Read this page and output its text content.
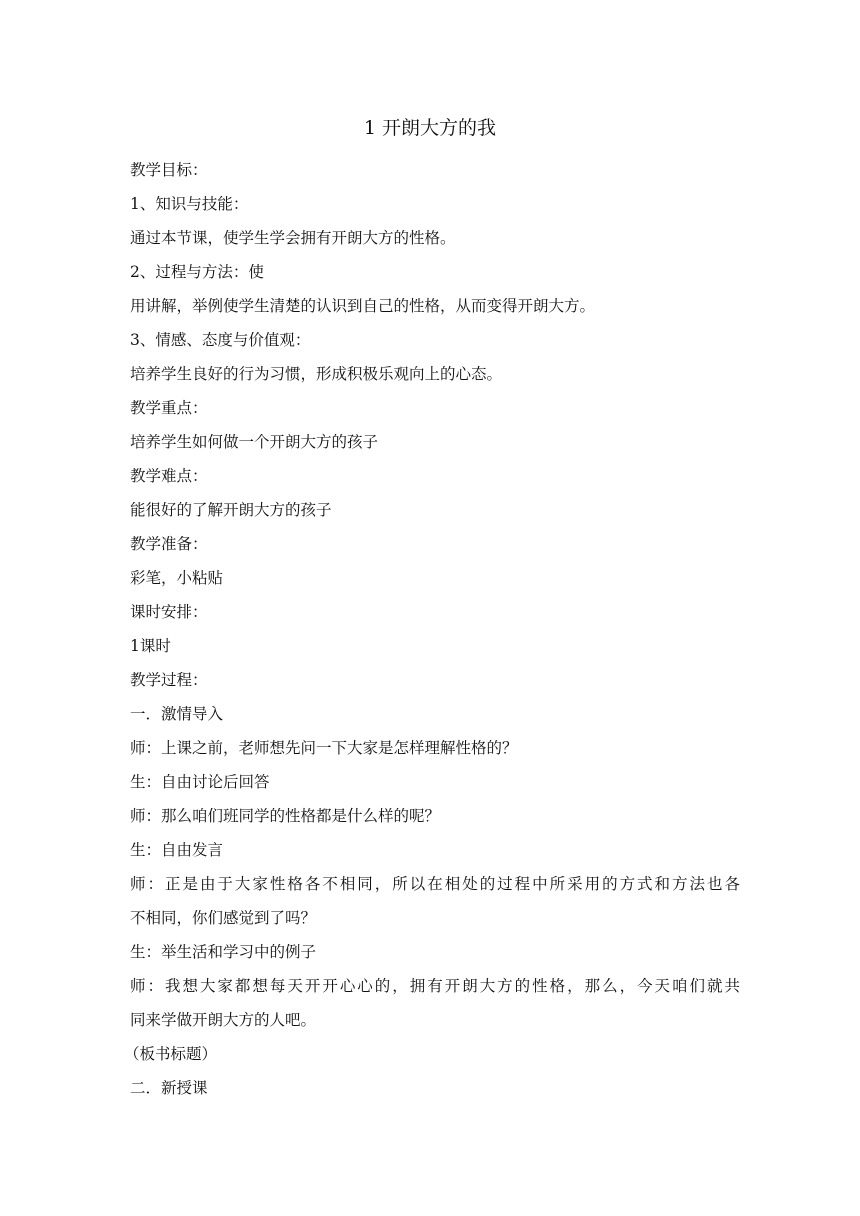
1 开朗大方的我
教学目标：
1、知识与技能：
通过本节课，使学生学会拥有开朗大方的性格。
2、过程与方法：使
用讲解，举例使学生清楚的认识到自己的性格，从而变得开朗大方。
3、情感、态度与价值观：
培养学生良好的行为习惯，形成积极乐观向上的心态。
教学重点：
培养学生如何做一个开朗大方的孩子
教学难点：
能很好的了解开朗大方的孩子
教学准备：
彩笔，小粘贴
课时安排：
1课时
教学过程：
一．激情导入
师：上课之前，老师想先问一下大家是怎样理解性格的？
生：自由讨论后回答
师：那么咱们班同学的性格都是什么样的呢？
生：自由发言
师：正是由于大家性格各不相同，所以在相处的过程中所采用的方式和方法也各
不相同，你们感觉到了吗？
生：举生活和学习中的例子
师：我想大家都想每天开开心心的，拥有开朗大方的性格，那么，今天咱们就共
同来学做开朗大方的人吧。
（板书标题）
二．新授课
